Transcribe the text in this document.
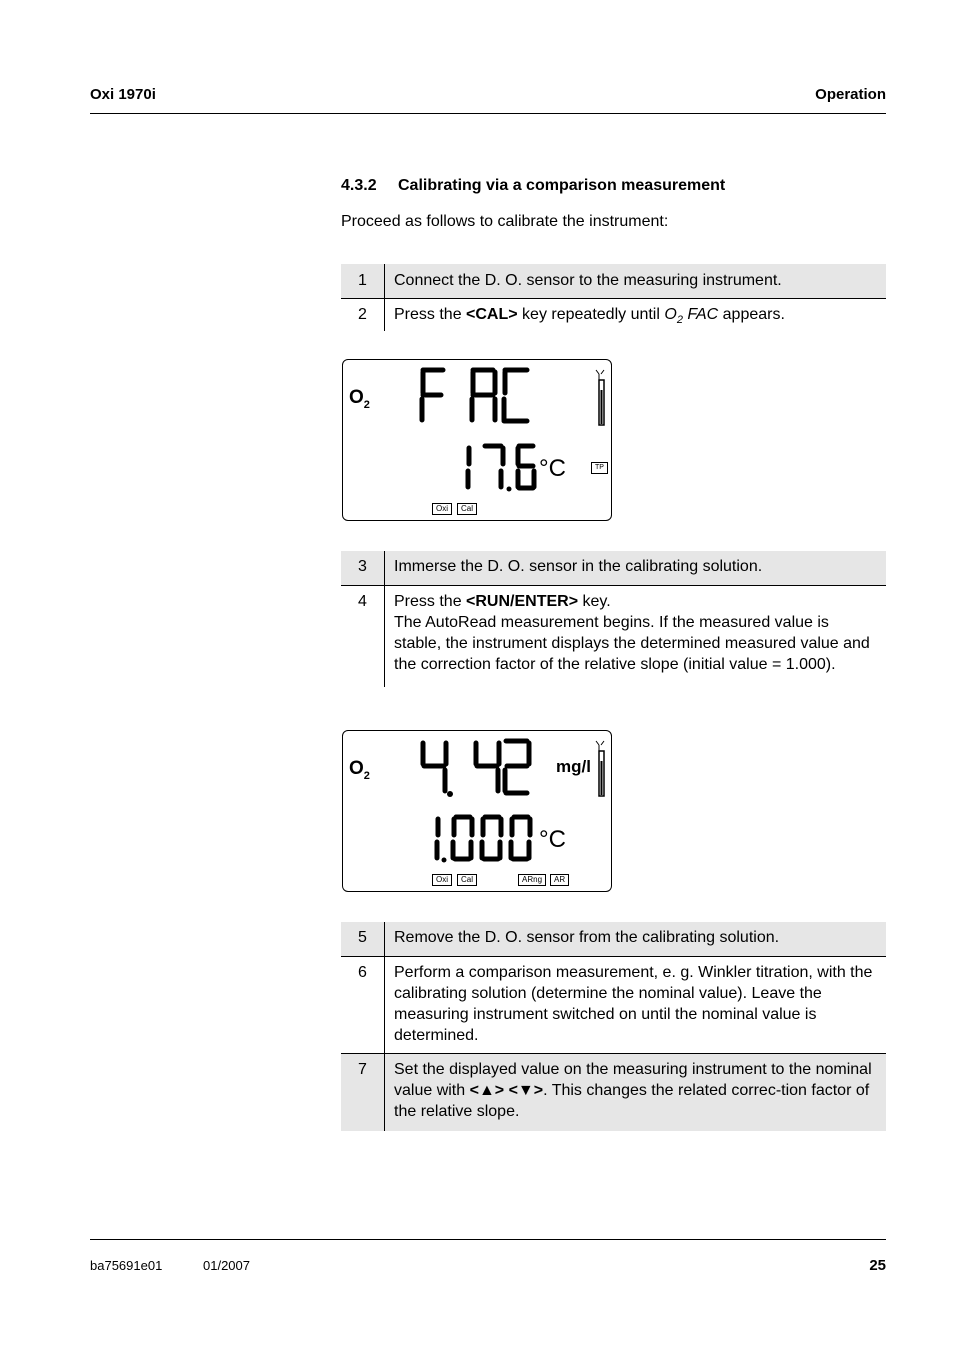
Oxi 1970i	Operation
4.3.2 Calibrating via a comparison measurement
Proceed as follows to calibrate the instrument:
1	Connect the D. O. sensor to the measuring instrument.
2	Press the <CAL> key repeatedly until $O_2$ FAC appears.
$O_2$
°C	TP
Oxi	Cal
3	Immerse the D. O. sensor in the calibrating solution.
4	Press the <RUN/ENTER> key.
The AutoRead measurement begins. If the measured value is stable, the instrument displays the determined measured value and the correction factor of the relative slope (initial value = 1.000).
$O_2$	mg/l
°C
Oxi	Cal	ARng	AR
5	Remove the D. O. sensor from the calibrating solution.
6	Perform a comparison measurement, e. g. Winkler titration, with the calibrating solution (determine the nominal value). Leave the measuring instrument switched on until the nominal value is determined.
7	Set the displayed value on the measuring instrument to the nominal value with <▲> <▼>. This changes the related correc-tion factor of the relative slope.
ba75691e01	01/2007	25
